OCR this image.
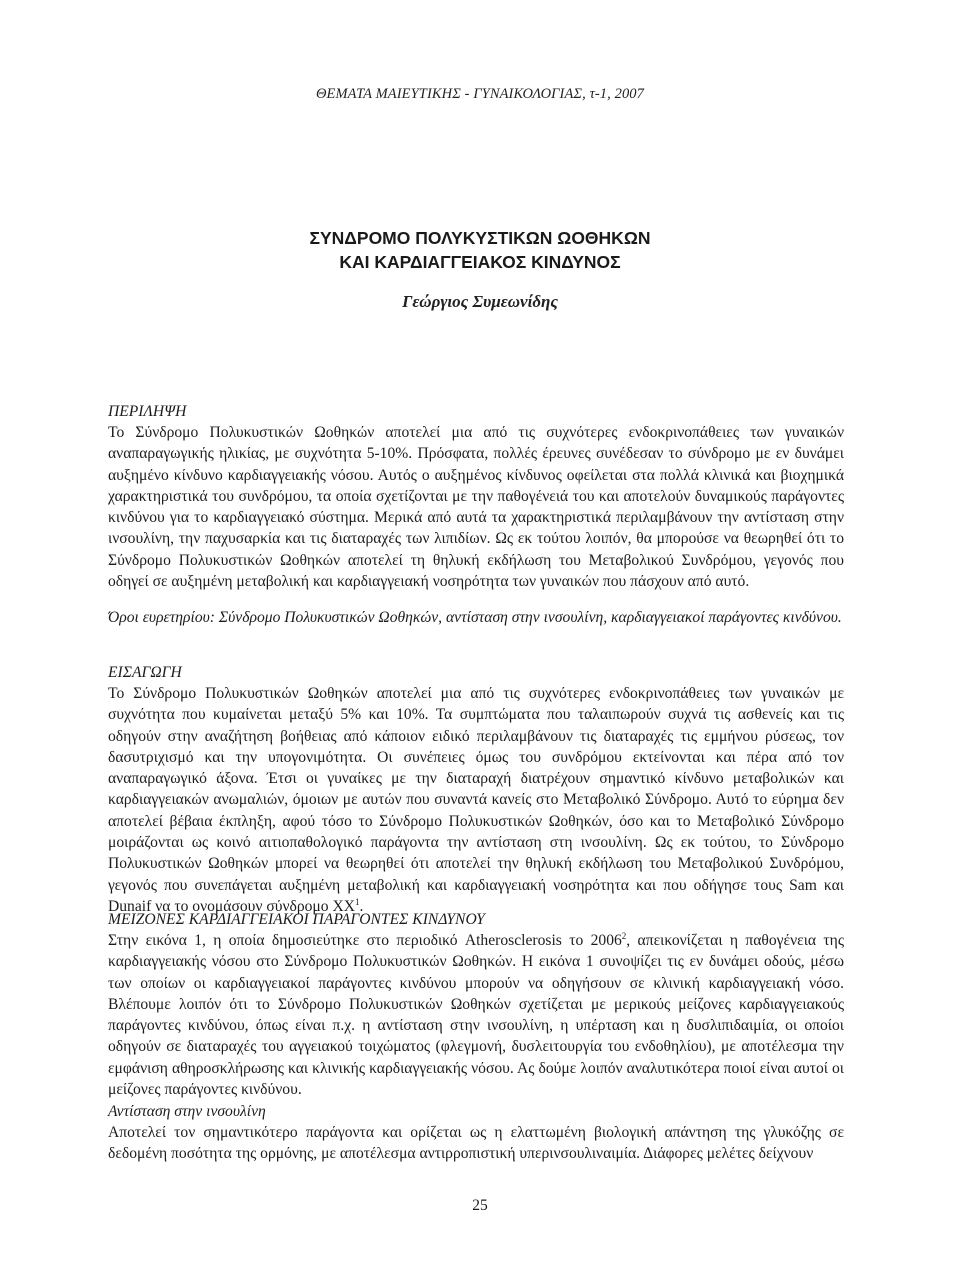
ΘΕΜΑΤΑ ΜΑΙΕΥΤΙΚΗΣ - ΓΥΝΑΙΚΟΛΟΓΙΑΣ, τ-1, 2007
ΣΥΝΔΡΟΜΟ ΠΟΛΥΚΥΣΤΙΚΩΝ ΩΟΘΗΚΩΝ
ΚΑΙ ΚΑΡΔΙΑΓΓΕΙΑΚΟΣ ΚΙΝΔΥΝΟΣ
Γεώργιος Συμεωνίδης
ΠΕΡΙΛΗΨΗ

Το Σύνδρομο Πολυκυστικών Ωοθηκών αποτελεί μια από τις συχνότερες ενδοκρινοπάθειες των γυναικών αναπαραγωγικής ηλικίας, με συχνότητα 5-10%. Πρόσφατα, πολλές έρευνες συνέδεσαν το σύνδρομο με εν δυνάμει αυξημένο κίνδυνο καρδιαγγειακής νόσου. Αυτός ο αυξημένος κίνδυνος οφείλεται στα πολλά κλινικά και βιοχημικά χαρακτηριστικά του συνδρόμου, τα οποία σχετίζονται με την παθογένειά του και αποτελούν δυναμικούς παράγοντες κινδύνου για το καρδιαγγειακό σύστημα. Μερικά από αυτά τα χαρακτηριστικά περιλαμβάνουν την αντίσταση στην ινσουλίνη, την παχυσαρκία και τις διαταραχές των λιπιδίων. Ως εκ τούτου λοιπόν, θα μπορούσε να θεωρηθεί ότι το Σύνδρομο Πολυκυστικών Ωοθηκών αποτελεί τη θηλυκή εκδήλωση του Μεταβολικού Συνδρόμου, γεγονός που οδηγεί σε αυξημένη μεταβολική και καρδιαγγειακή νοσηρότητα των γυναικών που πάσχουν από αυτό.

Όροι ευρετηρίου: Σύνδρομο Πολυκυστικών Ωοθηκών, αντίσταση στην ινσουλίνη, καρδιαγγειακοί παράγοντες κινδύνου.

ΕΙΣΑΓΩΓΗ

Το Σύνδρομο Πολυκυστικών Ωοθηκών αποτελεί μια από τις συχνότερες ενδοκρινοπάθειες των γυναικών με συχνότητα που κυμαίνεται μεταξύ 5% και 10%. Τα συμπτώματα που ταλαιπωρούν συχνά τις ασθενείς και τις οδηγούν στην αναζήτηση βοήθειας από κάποιον ειδικό περιλαμβάνουν τις διαταραχές τις εμμήνου ρύσεως, τον δασυτριχισμό και την υπογονιμότητα. Οι συνέπειες όμως του συνδρόμου εκτείνονται και πέρα από τον αναπαραγωγικό άξονα. Έτσι οι γυναίκες με την διαταραχή διατρέχουν σημαντικό κίνδυνο μεταβολικών και καρδιαγγειακών ανωμαλιών, όμοιων με αυτών που συναντά κανείς στο Μεταβολικό Σύνδρομο. Αυτό το εύρημα δεν αποτελεί βέβαια έκπληξη, αφού τόσο το Σύνδρομο Πολυκυστικών Ωοθηκών, όσο και το Μεταβολικό Σύνδρομο μοιράζονται ως κοινό αιτιοπαθολογικό παράγοντα την αντίσταση στη ινσουλίνη. Ως εκ τούτου, το Σύνδρομο Πολυκυστικών Ωοθηκών μπορεί να θεωρηθεί ότι αποτελεί την θηλυκή εκδήλωση του Μεταβολικού Συνδρόμου, γεγονός που συνεπάγεται αυξημένη μεταβολική και καρδιαγγειακή νοσηρότητα και που οδήγησε τους Sam και Dunaif να το ονομάσουν σύνδρομο $XX^1$.

ΜΕΙΖΟΝΕΣ ΚΑΡΔΙΑΓΓΕΙΑΚΟΙ ΠΑΡΑΓΟΝΤΕΣ ΚΙΝΔΥΝΟΥ

Στην εικόνα 1, η οποία δημοσιεύτηκε στο περιοδικό Atherosclerosis το 2006$^2$, απεικονίζεται η παθογένεια της καρδιαγγειακής νόσου στο Σύνδρομο Πολυκυστικών Ωοθηκών. Η εικόνα 1 συνοψίζει τις εν δυνάμει οδούς, μέσω των οποίων οι καρδιαγγειακοί παράγοντες κινδύνου μπορούν να οδηγήσουν σε κλινική καρδιαγγειακή νόσο. Βλέπουμε λοιπόν ότι το Σύνδρομο Πολυκυστικών Ωοθηκών σχετίζεται με μερικούς μείζονες καρδιαγγειακούς παράγοντες κινδύνου, όπως είναι π.χ. η αντίσταση στην ινσουλίνη, η υπέρταση και η δυσλιπιδαιμία, οι οποίοι οδηγούν σε διαταραχές του αγγειακού τοιχώματος (φλεγμονή, δυσλειτουργία του ενδοθηλίου), με αποτέλεσμα την εμφάνιση αθηροσκλήρωσης και κλινικής καρδιαγγειακής νόσου. Ας δούμε λοιπόν αναλυτικότερα ποιοί είναι αυτοί οι μείζονες παράγοντες κινδύνου.

Αντίσταση στην ινσουλίνη

Αποτελεί τον σημαντικότερο παράγοντα και ορίζεται ως η ελαττωμένη βιολογική απάντηση της γλυκόζης σε δεδομένη ποσότητα της ορμόνης, με αποτέλεσμα αντιρροπιστική υπερινσουλιναιμία. Διάφορες μελέτες δείχνουν

25
